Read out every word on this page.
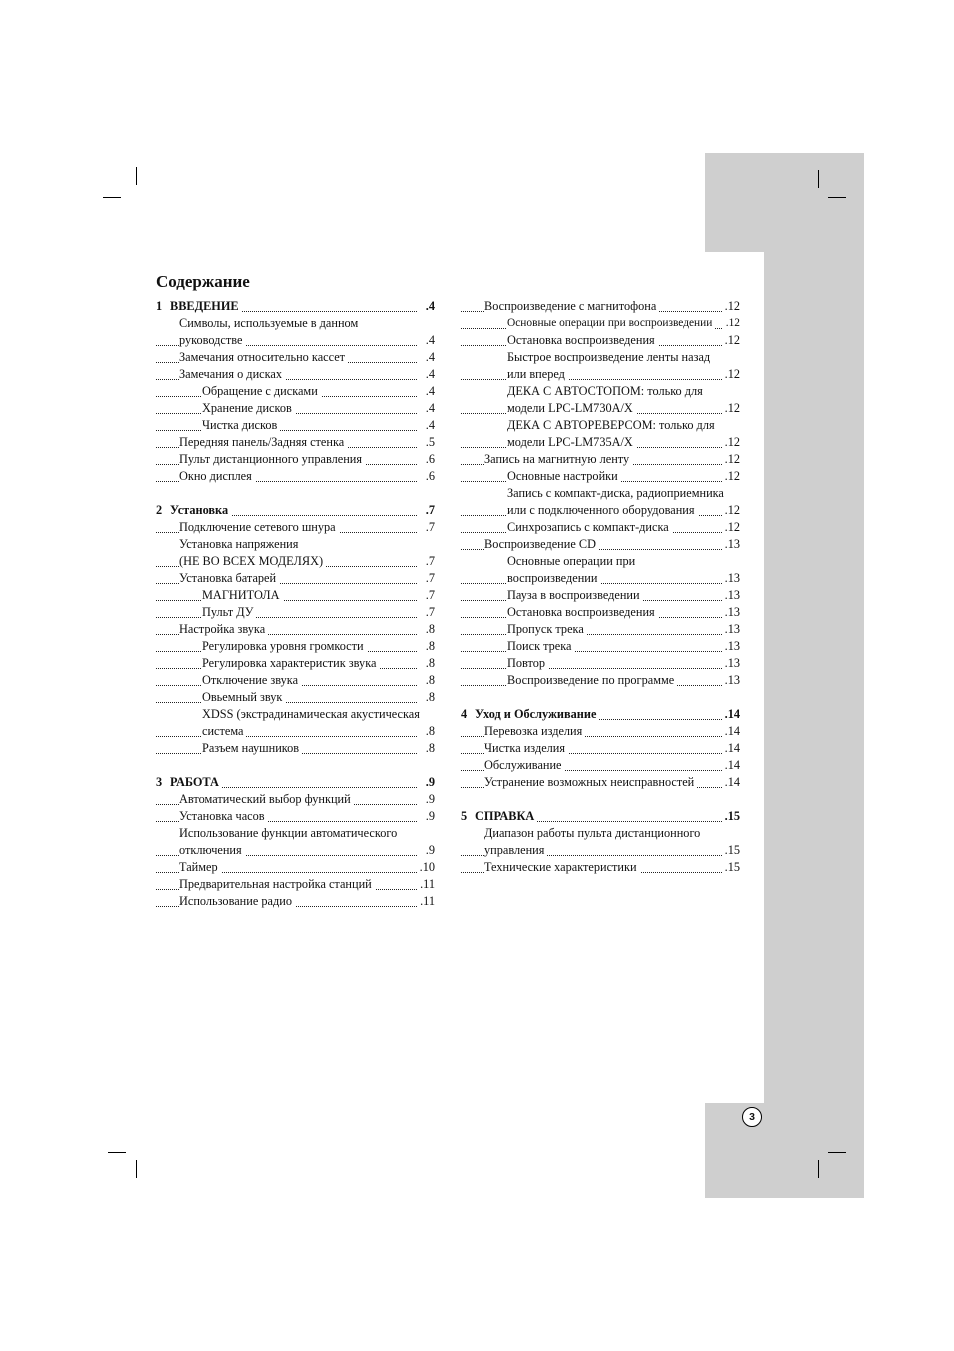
Содержание
1 ВВЕДЕНИЕ	.4
Символы, используемые в данном
руководстве	.4
Замечания относительно кассет	.4
Замечания о дисках	.4
Обращение с дисками	.4
Хранение дисков	.4
Чистка дисков	.4
Передняя панель/Задняя стенка	.5
Пульт дистанционного управления	.6
Окно дисплея	.6
2 Установка	.7
Подключение сетевого шнура	.7
Установка напряжения
(НЕ ВО ВСЕХ МОДЕЛЯХ)	.7
Установка батарей	.7
МАГНИТОЛА	.7
Пульт ДУ	.7
Настройка звука	.8
Регулировка уровня громкости	.8
Регулировка характеристик звука	.8
Отключение звука	.8
Овьемный звук	.8
XDSS (экстрадинамическая акустическая
система	.8
Разъем наушников	.8
3 РАБОТА	.9
Автоматический выбор функций	.9
Установка часов	.9
Использование функции автоматического
отключения	.9
Таймер	.10
Предварительная настройка станций	.11
Использование радио	.11
Воспроизведение с магнитофона	.12
Основные операции при воспроизведении .12
Остановка воспроизведения	.12
Быстрое воспроизведение ленты назад
или вперед	.12
ДЕКА С АВТОСТОПОМ: только для
модели LPC-LM730A/X	.12
ДЕКА С АВТОРЕВЕРСОМ: только для
модели LPC-LM735A/X	.12
Запись на магнитную ленту	.12
Основные настройки	.12
Запись с компакт-диска, радиоприемника
или с подключенного оборудования .12
Синхрозапись с компакт-диска	.12
Воспроизведение CD	.13
Основные операции при
воспроизведении	.13
Пауза в воспроизведении	.13
Остановка воспроизведения	.13
Пропуск трека	.13
Поиск трека	.13
Повтор	.13
Воспроизведение по программе	.13
4 Уход и Обслуживание	.14
Перевозка изделия	.14
Чистка изделия	.14
Обслуживание	.14
Устранение возможных неисправностей .14
5 СПРАВКА	.15
Диапазон работы пульта дистанционного
управления	.15
Технические характеристики	.15
3
